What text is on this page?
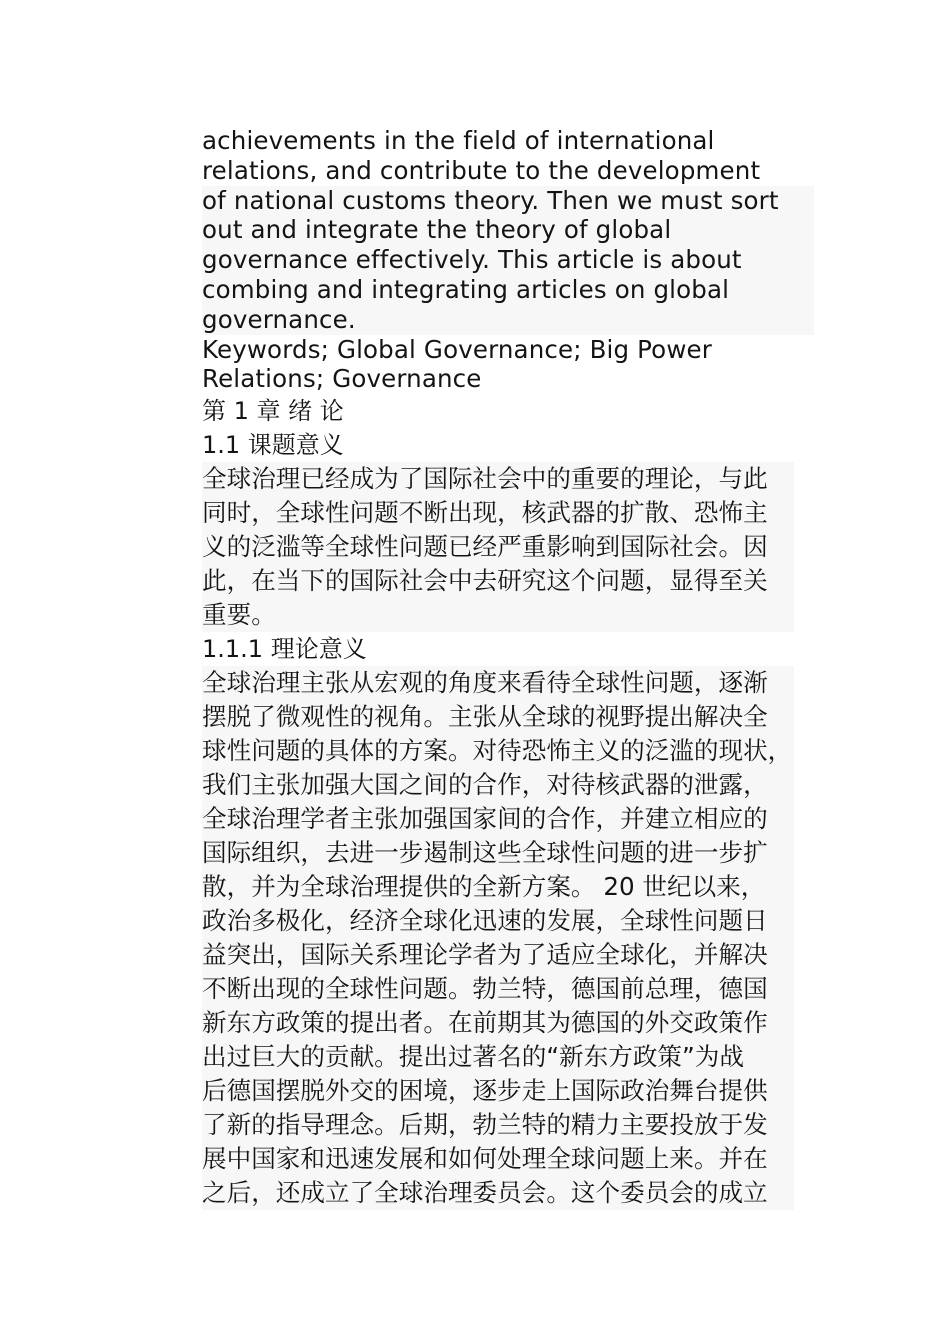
achievements in the field of international
relations, and contribute to the development
of national customs theory. Then we must sort
out and integrate the theory of global
governance effectively. This article is about
combing and integrating articles on global
governance.

Keywords; Global Governance; Big Power
Relations; Governance

第 1 章 绪 论
1.1 课题意义
全球治理已经成为了国际社会中的重要的理论，与此
同时，全球性问题不断出现，核武器的扩散、恐怖主
义的泛滥等全球性问题已经严重影响到国际社会。因
此，在当下的国际社会中去研究这个问题，显得至关
重要。
1.1.1 理论意义
全球治理主张从宏观的角度来看待全球性问题，逐渐
摆脱了微观性的视角。主张从全球的视野提出解决全
球性问题的具体的方案。对待恐怖主义的泛滥的现状，
我们主张加强大国之间的合作，对待核武器的泄露，
全球治理学者主张加强国家间的合作，并建立相应的
国际组织，去进一步遏制这些全球性问题的进一步扩
散，并为全球治理提供的全新方案。 20 世纪以来，
政治多极化，经济全球化迅速的发展，全球性问题日
益突出，国际关系理论学者为了适应全球化，并解决
不断出现的全球性问题。勃兰特，德国前总理，德国
新东方政策的提出者。在前期其为德国的外交政策作
出过巨大的贡献。提出过著名的“新东方政策”为战
后德国摆脱外交的困境，逐步走上国际政治舞台提供
了新的指导理念。后期，勃兰特的精力主要投放于发
展中国家和迅速发展和如何处理全球问题上来。并在
之后，还成立了全球治理委员会。这个委员会的成立
